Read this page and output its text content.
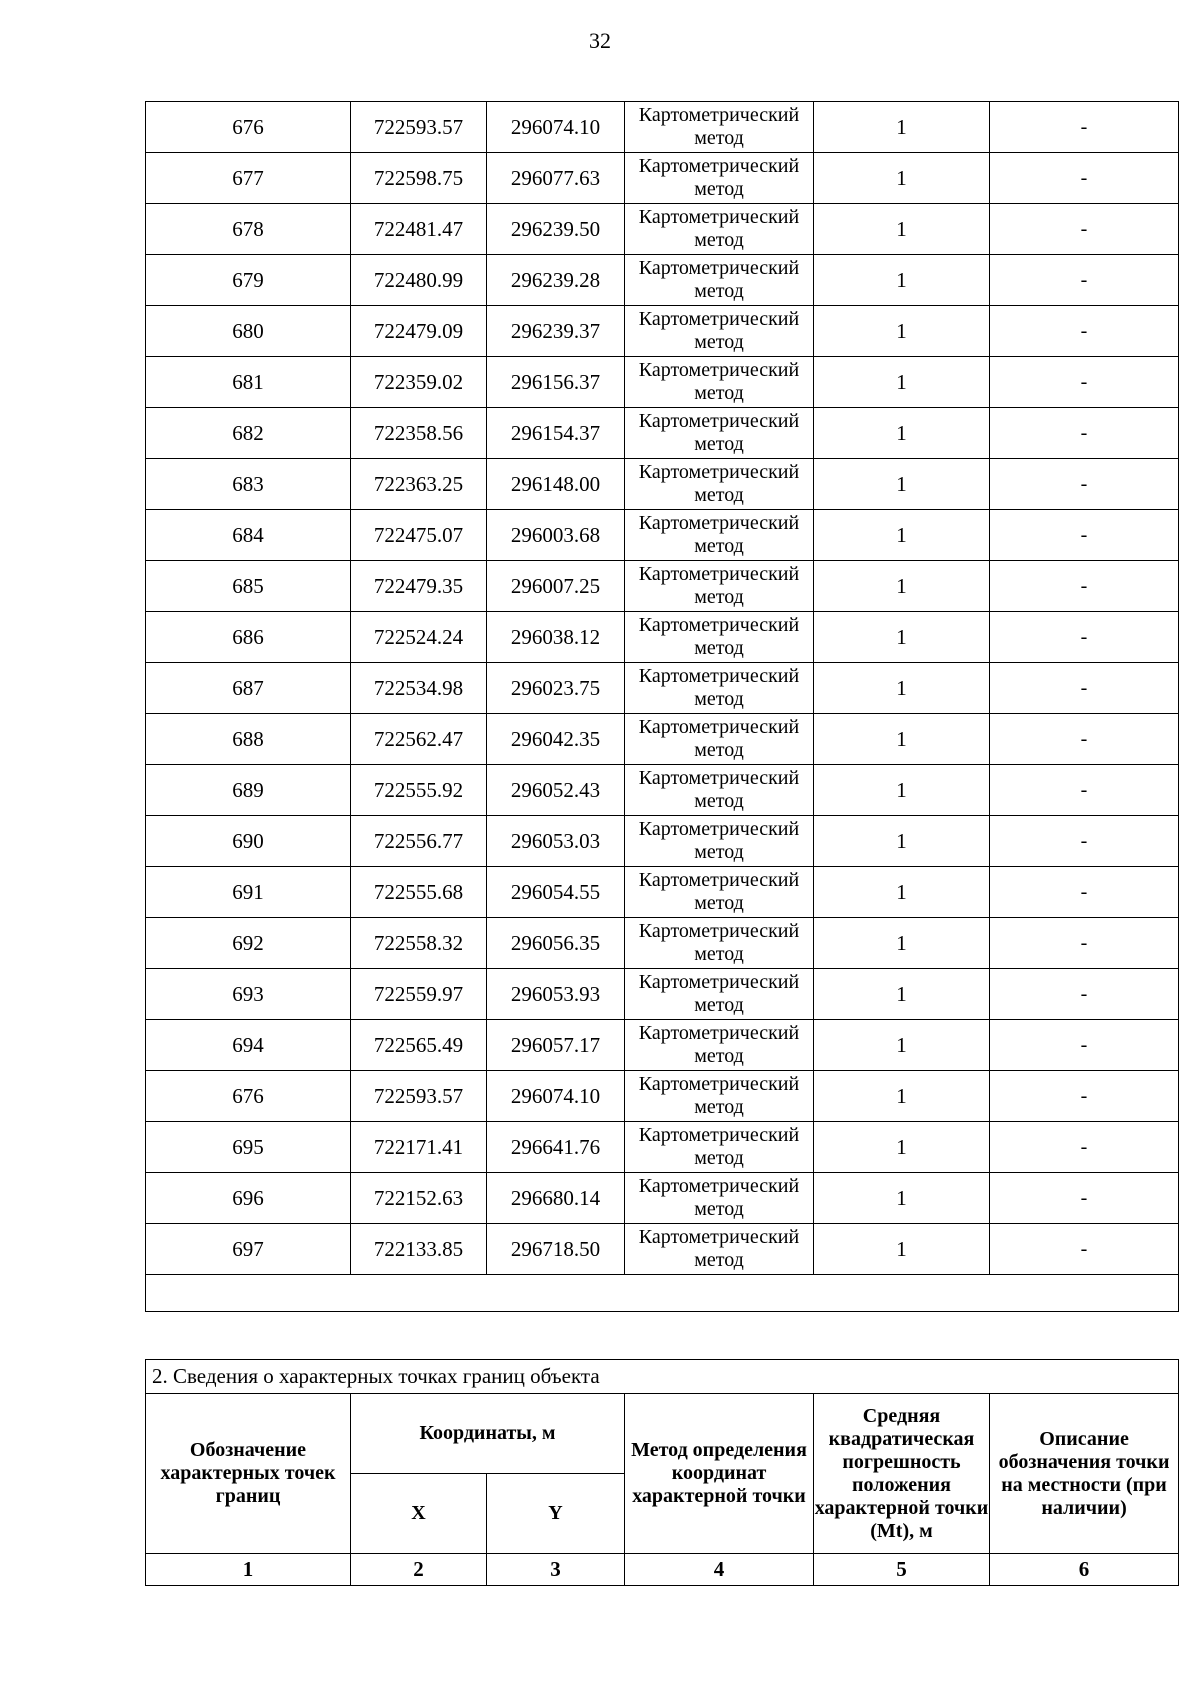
32
676	722593.57	296074.10	Картометрический метод	1	-
677	722598.75	296077.63	Картометрический метод	1	-
678	722481.47	296239.50	Картометрический метод	1	-
679	722480.99	296239.28	Картометрический метод	1	-
680	722479.09	296239.37	Картометрический метод	1	-
681	722359.02	296156.37	Картометрический метод	1	-
682	722358.56	296154.37	Картометрический метод	1	-
683	722363.25	296148.00	Картометрический метод	1	-
684	722475.07	296003.68	Картометрический метод	1	-
685	722479.35	296007.25	Картометрический метод	1	-
686	722524.24	296038.12	Картометрический метод	1	-
687	722534.98	296023.75	Картометрический метод	1	-
688	722562.47	296042.35	Картометрический метод	1	-
689	722555.92	296052.43	Картометрический метод	1	-
690	722556.77	296053.03	Картометрический метод	1	-
691	722555.68	296054.55	Картометрический метод	1	-
692	722558.32	296056.35	Картометрический метод	1	-
693	722559.97	296053.93	Картометрический метод	1	-
694	722565.49	296057.17	Картометрический метод	1	-
676	722593.57	296074.10	Картометрический метод	1	-
695	722171.41	296641.76	Картометрический метод	1	-
696	722152.63	296680.14	Картометрический метод	1	-
697	722133.85	296718.50	Картометрический метод	1	-

2. Сведения о характерных точках границ объекта					
Обозначение характерных точек границ	Координаты, м		Метод определения координат характерной точки	Средняя квадратическая погрешность положения характерной точки (Mt), м	Описание обозначения точки на местности (при наличии)
	X	Y			
1	2	3	4	5	6
